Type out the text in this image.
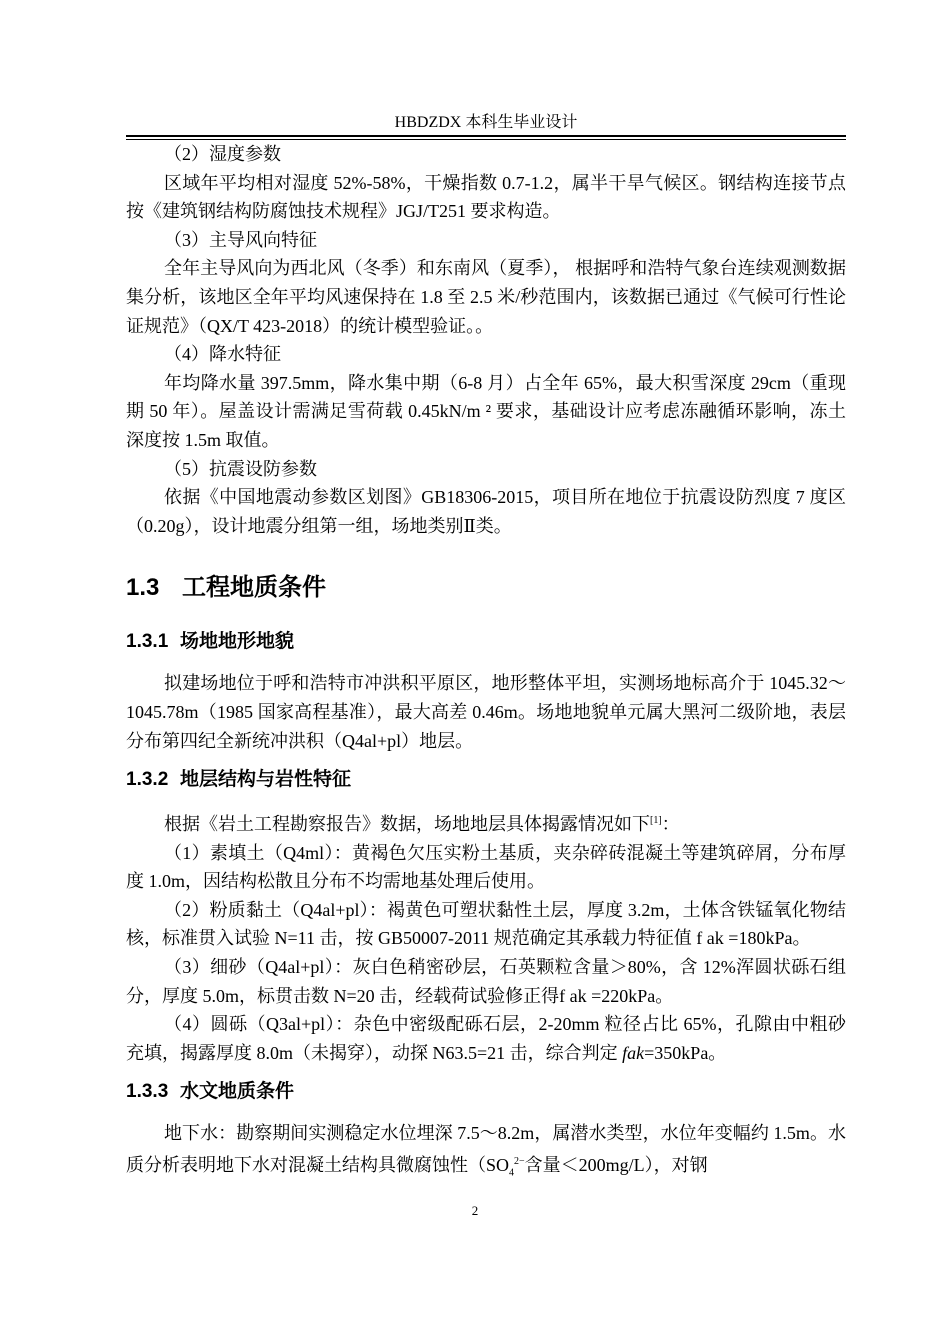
HBDZDX 本科生毕业设计

（2）湿度参数

区域年平均相对湿度 52%-58%，干燥指数 0.7-1.2，属半干旱气候区。钢结构连接节点按《建筑钢结构防腐蚀技术规程》JGJ/T251 要求构造。

（3）主导风向特征

全年主导风向为西北风（冬季）和东南风（夏季）， 根据呼和浩特气象台连续观测数据集分析，该地区全年平均风速保持在 1.8 至 2.5 米/秒范围内，该数据已通过《气候可行性论证规范》（QX/T 423-2018）的统计模型验证。。

（4）降水特征

年均降水量 397.5mm，降水集中期（6-8 月）占全年 65%，最大积雪深度 29cm（重现期 50 年）。屋盖设计需满足雪荷载 0.45kN/m ² 要求，基础设计应考虑冻融循环影响，冻土深度按 1.5m 取值。

（5）抗震设防参数

依据《中国地震动参数区划图》GB18306-2015，项目所在地位于抗震设防烈度 7 度区（0.20g），设计地震分组第一组，场地类别Ⅱ类。

1.3 工程地质条件
1.3.1 场地地形地貌

拟建场地位于呼和浩特市冲洪积平原区，地形整体平坦，实测场地标高介于 1045.32～1045.78m（1985 国家高程基准），最大高差 0.46m。场地地貌单元属大黑河二级阶地，表层分布第四纪全新统冲洪积（Q4al+pl）地层。

1.3.2 地层结构与岩性特征

根据《岩土工程勘察报告》数据，场地地层具体揭露情况如下[1]：

（1）素填土（Q4ml）：黄褐色欠压实粉土基质，夹杂碎砖混凝土等建筑碎屑，分布厚度 1.0m，因结构松散且分布不均需地基处理后使用。

（2）粉质黏土（Q4al+pl）：褐黄色可塑状黏性土层，厚度 3.2m，土体含铁锰氧化物结核，标准贯入试验 N=11 击，按 GB50007-2011 规范确定其承载力特征值 f ak =180kPa。

（3）细砂（Q4al+pl）：灰白色稍密砂层，石英颗粒含量＞80%，含 12%浑圆状砾石组分，厚度 5.0m，标贯击数 N=20 击，经载荷试验修正得f ak =220kPa。

（4）圆砾（Q3al+pl）：杂色中密级配砾石层，2-20mm 粒径占比 65%，孔隙由中粗砂充填，揭露厚度 8.0m（未揭穿），动探 N63.5=21 击，综合判定 fak=350kPa。

1.3.3 水文地质条件

地下水：勘察期间实测稳定水位埋深 7.5～8.2m，属潜水类型，水位年变幅约 1.5m。水质分析表明地下水对混凝土结构具微腐蚀性（$SO_4^{2-}$含量＜200mg/L），对钢

2
